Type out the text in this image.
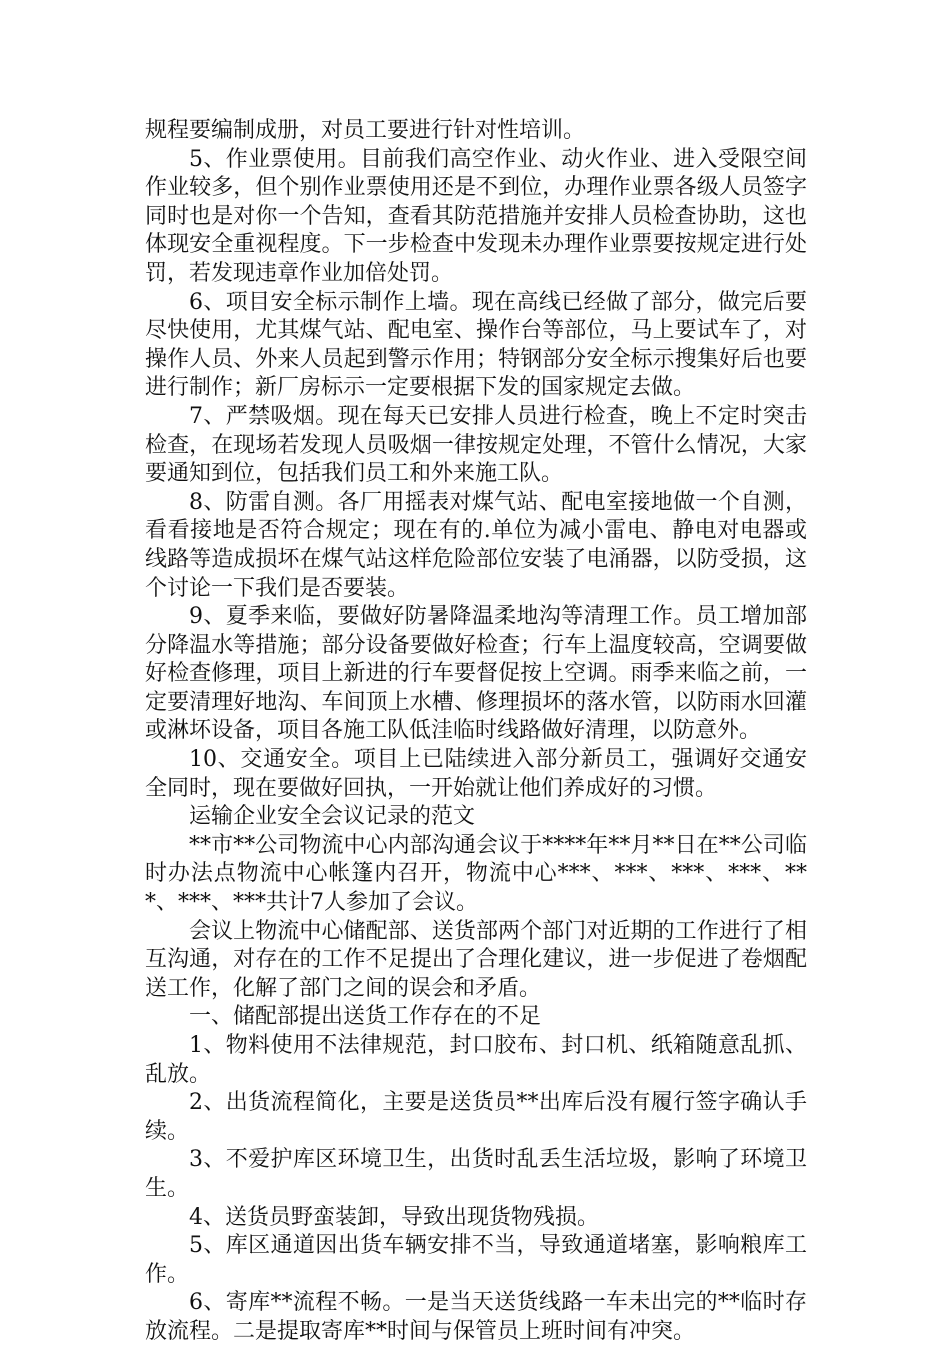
规程要编制成册，对员工要进行针对性培训。

5、作业票使用。目前我们高空作业、动火作业、进入受限空间作业较多，但个别作业票使用还是不到位，办理作业票各级人员签字同时也是对你一个告知，查看其防范措施并安排人员检查协助，这也体现安全重视程度。下一步检查中发现未办理作业票要按规定进行处罚，若发现违章作业加倍处罚。

6、项目安全标示制作上墙。现在高线已经做了部分，做完后要尽快使用，尤其煤气站、配电室、操作台等部位，马上要试车了，对操作人员、外来人员起到警示作用；特钢部分安全标示搜集好后也要进行制作；新厂房标示一定要根据下发的国家规定去做。

7、严禁吸烟。现在每天已安排人员进行检查，晚上不定时突击检查，在现场若发现人员吸烟一律按规定处理，不管什么情况，大家要通知到位，包括我们员工和外来施工队。

8、防雷自测。各厂用摇表对煤气站、配电室接地做一个自测，看看接地是否符合规定；现在有的.单位为减小雷电、静电对电器或线路等造成损坏在煤气站这样危险部位安装了电涌器，以防受损，这个讨论一下我们是否要装。

9、夏季来临，要做好防暑降温柔地沟等清理工作。员工增加部分降温水等措施；部分设备要做好检查；行车上温度较高，空调要做好检查修理，项目上新进的行车要督促按上空调。雨季来临之前，一定要清理好地沟、车间顶上水槽、修理损坏的落水管，以防雨水回灌或淋坏设备，项目各施工队低洼临时线路做好清理，以防意外。

10、交通安全。项目上已陆续进入部分新员工，强调好交通安全同时，现在要做好回执，一开始就让他们养成好的习惯。

运输企业安全会议记录的范文

**市**公司物流中心内部沟通会议于****年**月**日在**公司临时办法点物流中心帐篷内召开，物流中心***、***、***、***、***、***、***共计7人参加了会议。

会议上物流中心储配部、送货部两个部门对近期的工作进行了相互沟通，对存在的工作不足提出了合理化建议，进一步促进了卷烟配送工作，化解了部门之间的误会和矛盾。

一、储配部提出送货工作存在的不足

1、物料使用不法律规范，封口胶布、封口机、纸箱随意乱抓、乱放。

2、出货流程简化，主要是送货员**出库后没有履行签字确认手续。

3、不爱护库区环境卫生，出货时乱丢生活垃圾，影响了环境卫生。

4、送货员野蛮装卸，导致出现货物残损。

5、库区通道因出货车辆安排不当，导致通道堵塞，影响粮库工作。

6、寄库**流程不畅。一是当天送货线路一车未出完的**临时存放流程。二是提取寄库**时间与保管员上班时间有冲突。
